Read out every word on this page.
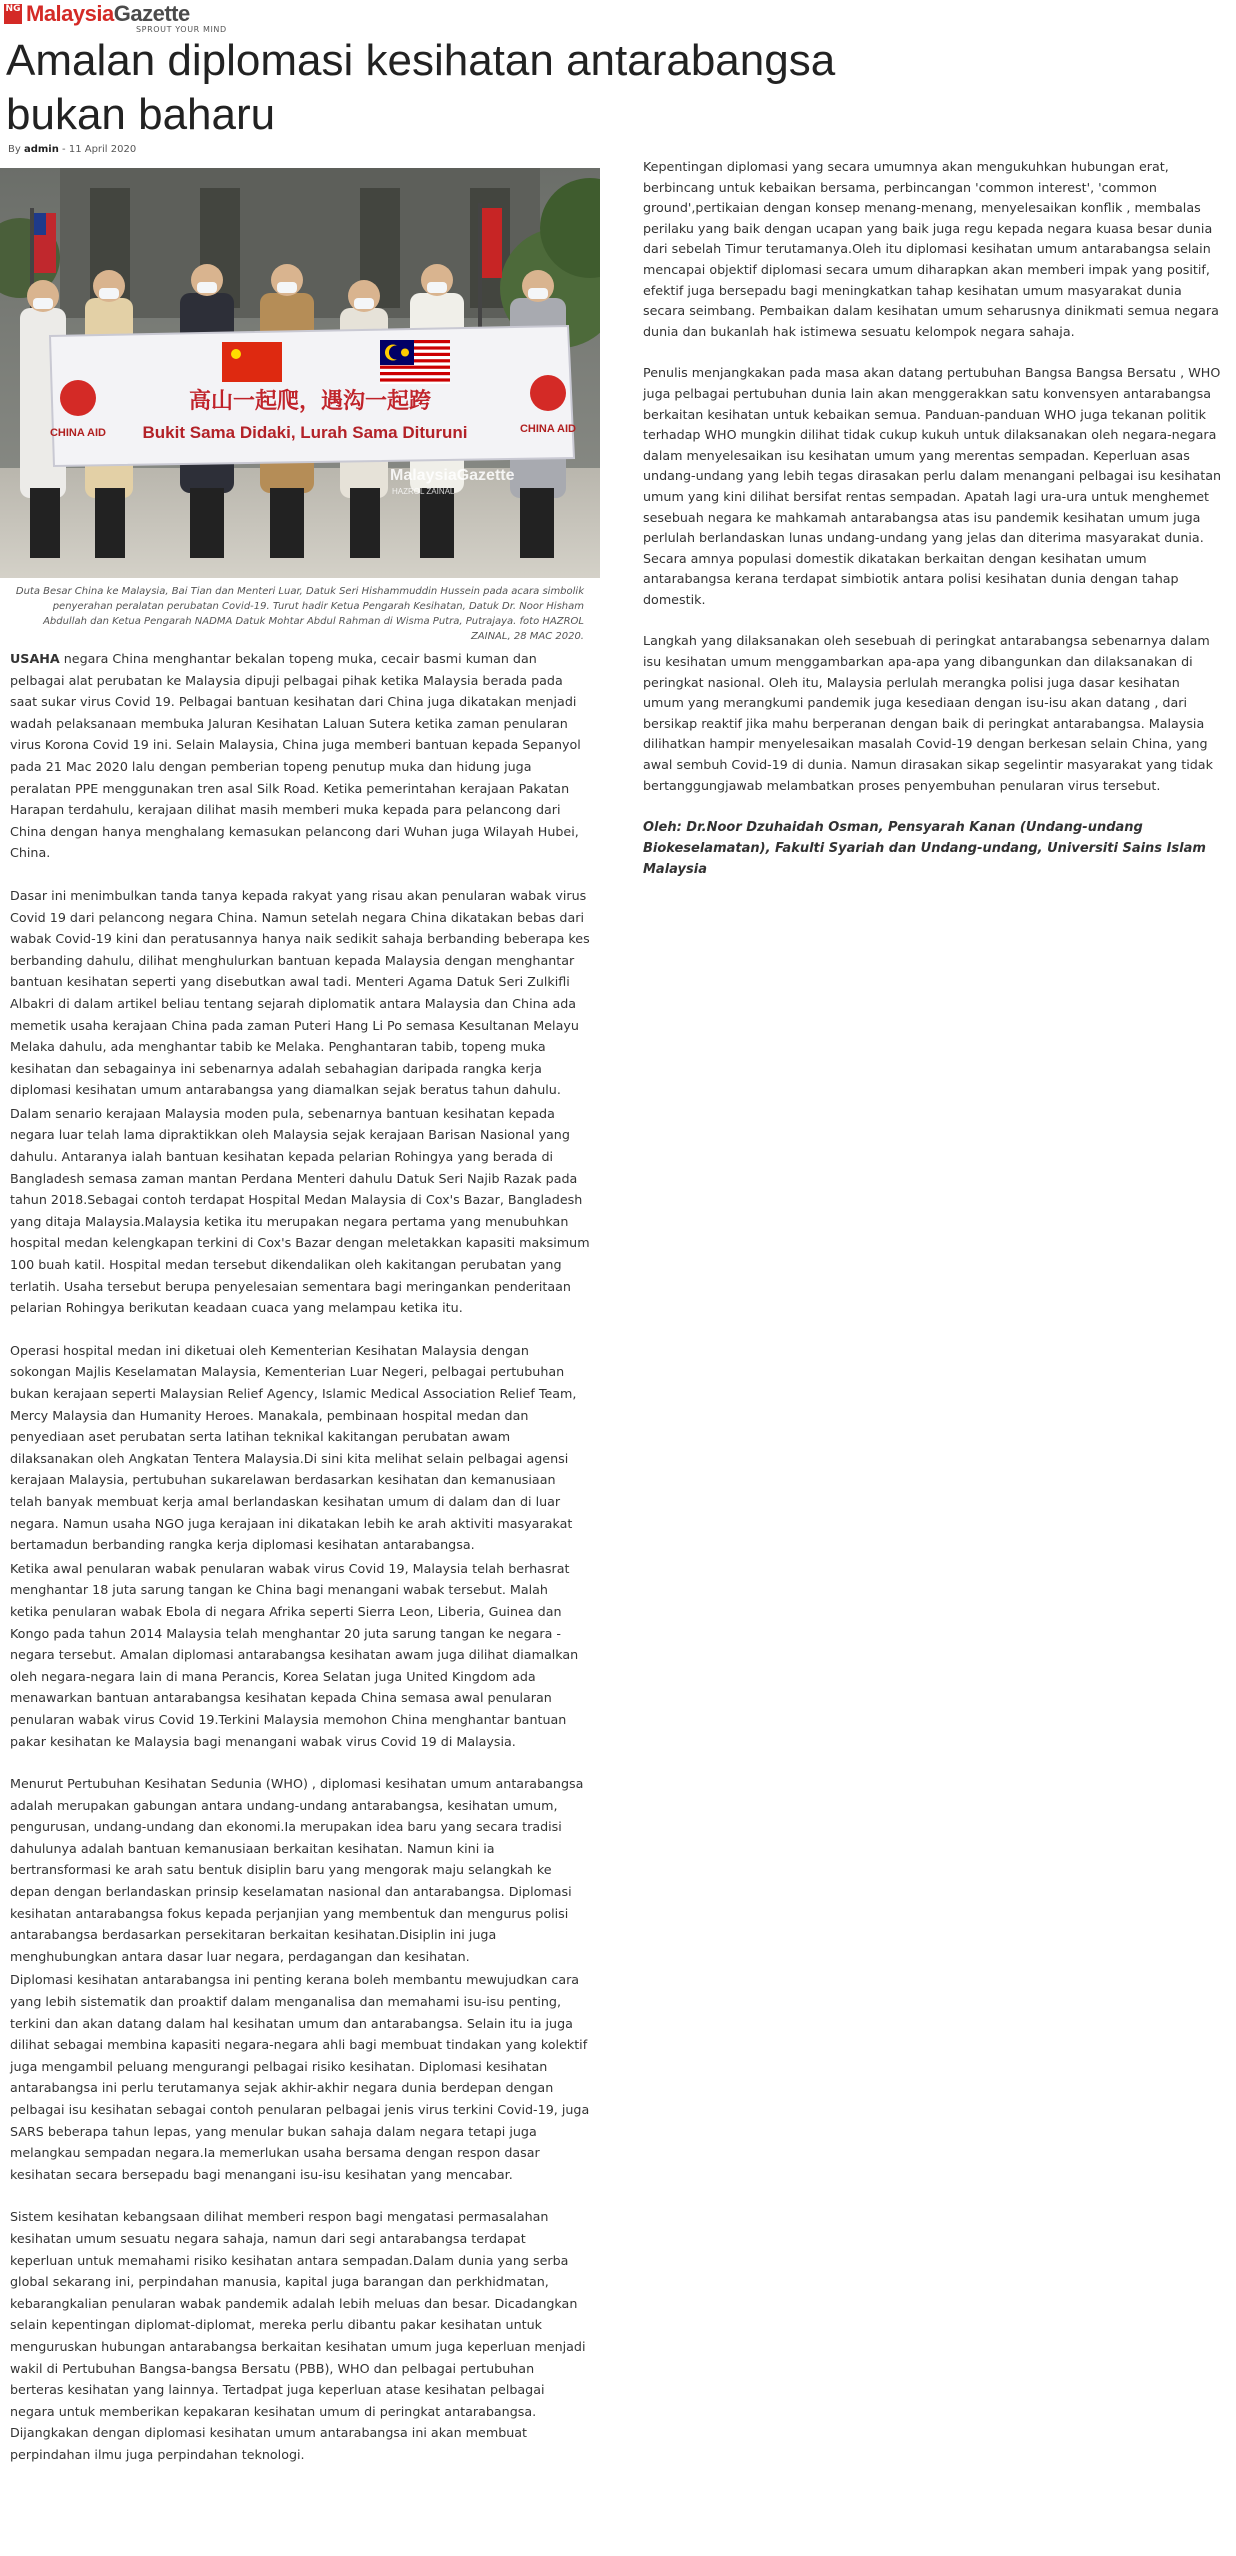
NG MalaysiaGazette
SPROUT YOUR MIND
Amalan diplomasi kesihatan antarabangsa bukan baharu
By admin - 11 April 2020
CHINA AID	CHINA AID
高山一起爬，遇沟一起跨
Bukit Sama Didaki, Lurah Sama Dituruni
MalaysiaGazette
HAZROL ZAINAL
Duta Besar China ke Malaysia, Bai Tian dan Menteri Luar, Datuk Seri Hishammuddin Hussein pada acara simbolik penyerahan peralatan perubatan Covid-19. Turut hadir Ketua Pengarah Kesihatan, Datuk Dr. Noor Hisham Abdullah dan Ketua Pengarah NADMA Datuk Mohtar Abdul Rahman di Wisma Putra, Putrajaya. foto HAZROL ZAINAL, 28 MAC 2020.

USAHA negara China menghantar bekalan topeng muka, cecair basmi kuman dan pelbagai alat perubatan ke Malaysia dipuji pelbagai pihak ketika Malaysia berada pada saat sukar virus Covid 19. Pelbagai bantuan kesihatan dari China juga dikatakan menjadi wadah pelaksanaan membuka Jaluran Kesihatan Laluan Sutera ketika zaman penularan virus Korona Covid 19 ini. Selain Malaysia, China juga memberi bantuan kepada Sepanyol pada 21 Mac 2020 lalu dengan pemberian topeng penutup muka dan hidung juga peralatan PPE menggunakan tren asal Silk Road. Ketika pemerintahan kerajaan Pakatan Harapan terdahulu, kerajaan dilihat masih memberi muka kepada para pelancong dari China dengan hanya menghalang kemasukan pelancong dari Wuhan juga Wilayah Hubei, China.

Dasar ini menimbulkan tanda tanya kepada rakyat yang risau akan penularan wabak virus Covid 19 dari pelancong negara China. Namun setelah negara China dikatakan bebas dari wabak Covid-19 kini dan peratusannya hanya naik sedikit sahaja berbanding beberapa kes berbanding dahulu, dilihat menghulurkan bantuan kepada Malaysia dengan menghantar bantuan kesihatan seperti yang disebutkan awal tadi. Menteri Agama Datuk Seri Zulkifli Albakri di dalam artikel beliau tentang sejarah diplomatik antara Malaysia dan China ada memetik usaha kerajaan China pada zaman Puteri Hang Li Po semasa Kesultanan Melayu Melaka dahulu, ada menghantar tabib ke Melaka. Penghantaran tabib, topeng muka kesihatan dan sebagainya ini sebenarnya adalah sebahagian daripada rangka kerja diplomasi kesihatan umum antarabangsa yang diamalkan sejak beratus tahun dahulu.

Dalam senario kerajaan Malaysia moden pula, sebenarnya bantuan kesihatan kepada negara luar telah lama dipraktikkan oleh Malaysia sejak kerajaan Barisan Nasional yang dahulu. Antaranya ialah bantuan kesihatan kepada pelarian Rohingya yang berada di Bangladesh semasa zaman mantan Perdana Menteri dahulu Datuk Seri Najib Razak pada tahun 2018.Sebagai contoh terdapat Hospital Medan Malaysia di Cox's Bazar, Bangladesh yang ditaja Malaysia.Malaysia ketika itu merupakan negara pertama yang menubuhkan hospital medan kelengkapan terkini di Cox's Bazar dengan meletakkan kapasiti maksimum 100 buah katil. Hospital medan tersebut dikendalikan oleh kakitangan perubatan yang terlatih. Usaha tersebut berupa penyelesaian sementara bagi meringankan penderitaan pelarian Rohingya berikutan keadaan cuaca yang melampau ketika itu.

Operasi hospital medan ini diketuai oleh Kementerian Kesihatan Malaysia dengan sokongan Majlis Keselamatan Malaysia, Kementerian Luar Negeri, pelbagai pertubuhan bukan kerajaan seperti Malaysian Relief Agency, Islamic Medical Association Relief Team, Mercy Malaysia dan Humanity Heroes. Manakala, pembinaan hospital medan dan penyediaan aset perubatan serta latihan teknikal kakitangan perubatan awam dilaksanakan oleh Angkatan Tentera Malaysia.Di sini kita melihat selain pelbagai agensi kerajaan Malaysia, pertubuhan sukarelawan berdasarkan kesihatan dan kemanusiaan telah banyak membuat kerja amal berlandaskan kesihatan umum di dalam dan di luar negara. Namun usaha NGO juga kerajaan ini dikatakan lebih ke arah aktiviti masyarakat bertamadun berbanding rangka kerja diplomasi kesihatan antarabangsa.

Ketika awal penularan wabak penularan wabak virus Covid 19, Malaysia telah berhasrat menghantar 18 juta sarung tangan ke China bagi menangani wabak tersebut. Malah ketika penularan wabak Ebola di negara Afrika seperti Sierra Leon, Liberia, Guinea dan Kongo pada tahun 2014 Malaysia telah menghantar 20 juta sarung tangan ke negara - negara tersebut. Amalan diplomasi antarabangsa kesihatan awam juga dilihat diamalkan oleh negara-negara lain di mana Perancis, Korea Selatan juga United Kingdom ada menawarkan bantuan antarabangsa kesihatan kepada China semasa awal penularan penularan wabak virus Covid 19.Terkini Malaysia memohon China menghantar bantuan pakar kesihatan ke Malaysia bagi menangani wabak virus Covid 19 di Malaysia.

Menurut Pertubuhan Kesihatan Sedunia (WHO) , diplomasi kesihatan umum antarabangsa adalah merupakan gabungan antara undang-undang antarabangsa, kesihatan umum, pengurusan, undang-undang dan ekonomi.Ia merupakan idea baru yang secara tradisi dahulunya adalah bantuan kemanusiaan berkaitan kesihatan. Namun kini ia bertransformasi ke arah satu bentuk disiplin baru yang mengorak maju selangkah ke depan dengan berlandaskan prinsip keselamatan nasional dan antarabangsa. Diplomasi kesihatan antarabangsa fokus kepada perjanjian yang membentuk dan mengurus polisi antarabangsa berdasarkan persekitaran berkaitan kesihatan.Disiplin ini juga menghubungkan antara dasar luar negara, perdagangan dan kesihatan.

Diplomasi kesihatan antarabangsa ini penting kerana boleh membantu mewujudkan cara yang lebih sistematik dan proaktif dalam menganalisa dan memahami isu-isu penting, terkini dan akan datang dalam hal kesihatan umum dan antarabangsa. Selain itu ia juga dilihat sebagai membina kapasiti negara-negara ahli bagi membuat tindakan yang kolektif juga mengambil peluang mengurangi pelbagai risiko kesihatan. Diplomasi kesihatan antarabangsa ini perlu terutamanya sejak akhir-akhir negara dunia berdepan dengan pelbagai isu kesihatan sebagai contoh penularan pelbagai jenis virus terkini Covid-19, juga SARS beberapa tahun lepas, yang menular bukan sahaja dalam negara tetapi juga melangkau sempadan negara.Ia memerlukan usaha bersama dengan respon dasar kesihatan secara bersepadu bagi menangani isu-isu kesihatan yang mencabar.

Sistem kesihatan kebangsaan dilihat memberi respon bagi mengatasi permasalahan kesihatan umum sesuatu negara sahaja, namun dari segi antarabangsa terdapat keperluan untuk memahami risiko kesihatan antara sempadan.Dalam dunia yang serba global sekarang ini, perpindahan manusia, kapital juga barangan dan perkhidmatan, kebarangkalian penularan wabak pandemik adalah lebih meluas dan besar. Dicadangkan selain kepentingan diplomat-diplomat, mereka perlu dibantu pakar kesihatan untuk menguruskan hubungan antarabangsa berkaitan kesihatan umum juga keperluan menjadi wakil di Pertubuhan Bangsa-bangsa Bersatu (PBB), WHO dan pelbagai pertubuhan berteras kesihatan yang lainnya. Tertadpat juga keperluan atase kesihatan pelbagai negara untuk memberikan kepakaran kesihatan umum di peringkat antarabangsa. Dijangkakan dengan diplomasi kesihatan umum antarabangsa ini akan membuat perpindahan ilmu juga perpindahan teknologi.

Kepentingan diplomasi yang secara umumnya akan mengukuhkan hubungan erat, berbincang untuk kebaikan bersama, perbincangan 'common interest', 'common ground',pertikaian dengan konsep menang-menang, menyelesaikan konflik , membalas perilaku yang baik dengan ucapan yang baik juga regu kepada negara kuasa besar dunia dari sebelah Timur terutamanya.Oleh itu diplomasi kesihatan umum antarabangsa selain mencapai objektif diplomasi secara umum diharapkan akan memberi impak yang positif, efektif juga bersepadu bagi meningkatkan tahap kesihatan umum masyarakat dunia secara seimbang. Pembaikan dalam kesihatan umum seharusnya dinikmati semua negara dunia dan bukanlah hak istimewa sesuatu kelompok negara sahaja.

Penulis menjangkakan pada masa akan datang pertubuhan Bangsa Bangsa Bersatu , WHO juga pelbagai pertubuhan dunia lain akan menggerakkan satu konvensyen antarabangsa berkaitan kesihatan untuk kebaikan semua. Panduan-panduan WHO juga tekanan politik terhadap WHO mungkin dilihat tidak cukup kukuh untuk dilaksanakan oleh negara-negara dalam menyelesaikan isu kesihatan umum yang merentas sempadan. Keperluan asas undang-undang yang lebih tegas dirasakan perlu dalam menangani pelbagai isu kesihatan umum yang kini dilihat bersifat rentas sempadan. Apatah lagi ura-ura untuk menghemet sesebuah negara ke mahkamah antarabangsa atas isu pandemik kesihatan umum juga perlulah berlandaskan lunas undang-undang yang jelas dan diterima masyarakat dunia. Secara amnya populasi domestik dikatakan berkaitan dengan kesihatan umum antarabangsa kerana terdapat simbiotik antara polisi kesihatan dunia dengan tahap domestik.

Langkah yang dilaksanakan oleh sesebuah di peringkat antarabangsa sebenarnya dalam isu kesihatan umum menggambarkan apa-apa yang dibangunkan dan dilaksanakan di peringkat nasional. Oleh itu, Malaysia perlulah merangka polisi juga dasar kesihatan umum yang merangkumi pandemik juga kesediaan dengan isu-isu akan datang , dari bersikap reaktif jika mahu berperanan dengan baik di peringkat antarabangsa. Malaysia dilihatkan hampir menyelesaikan masalah Covid-19 dengan berkesan selain China, yang awal sembuh Covid-19 di dunia. Namun dirasakan sikap segelintir masyarakat yang tidak bertanggungjawab melambatkan proses penyembuhan penularan virus tersebut.

Oleh: Dr.Noor Dzuhaidah Osman, Pensyarah Kanan (Undang-undang Biokeselamatan), Fakulti Syariah dan Undang-undang, Universiti Sains Islam Malaysia
